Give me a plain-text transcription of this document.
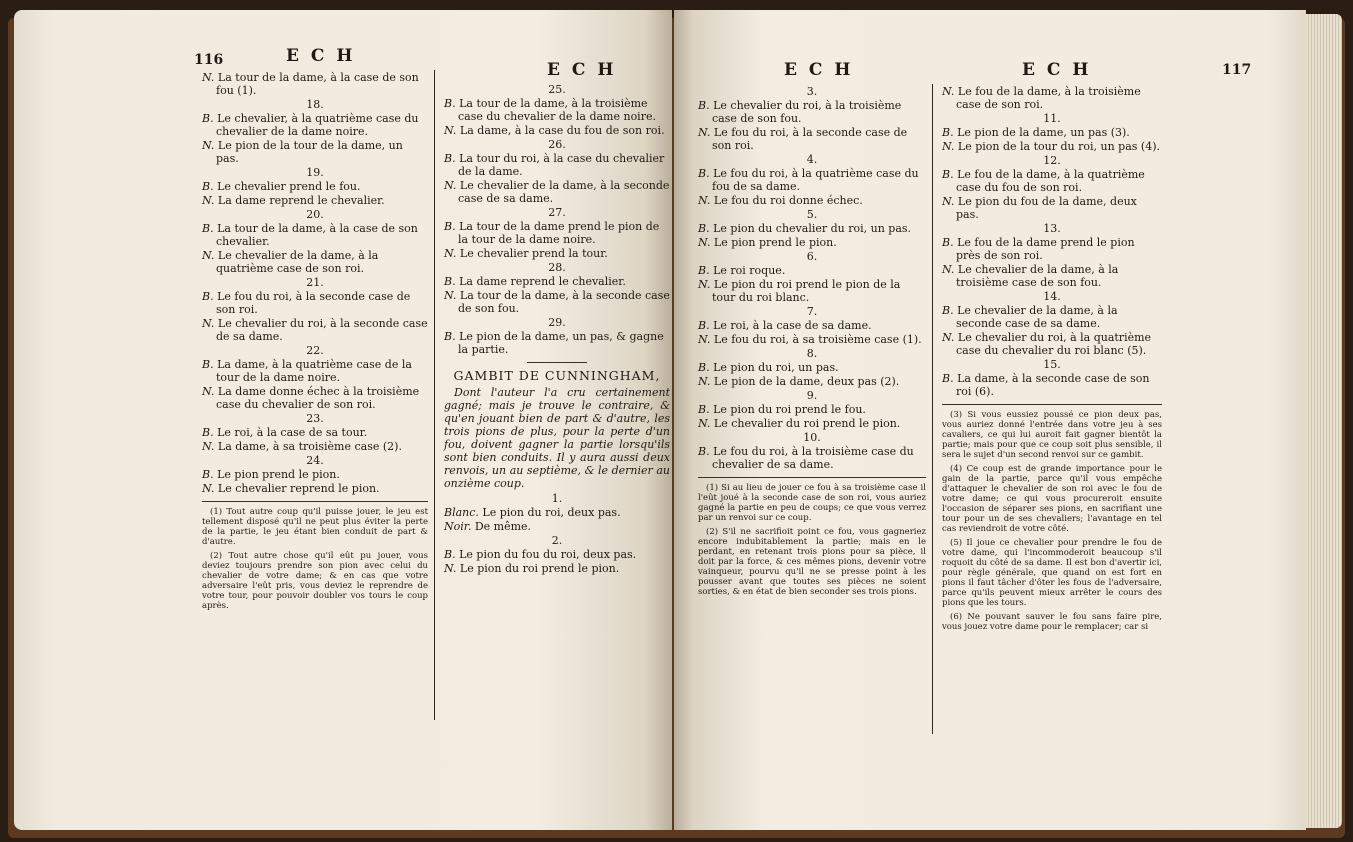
116	E C H
E C H
N. La tour de la dame, à la case de son fou (1).
18.
B. Le chevalier, à la quatrième case du chevalier de la dame noire.
N. Le pion de la tour de la dame, un pas.
19.
B. Le chevalier prend le fou.
N. La dame reprend le chevalier.
20.
B. La tour de la dame, à la case de son chevalier.
N. Le chevalier de la dame, à la quatrième case de son roi.
21.
B. Le fou du roi, à la seconde case de son roi.
N. Le chevalier du roi, à la seconde case de sa dame.
22.
B. La dame, à la quatrième case de la tour de la dame noire.
N. La dame donne échec à la troisième case du chevalier de son roi.
23.
B. Le roi, à la case de sa tour.
N. La dame, à sa troisième case (2).
24.
B. Le pion prend le pion.
N. Le chevalier reprend le pion.
(1) Tout autre coup qu'il puisse jouer, le jeu est tellement disposé qu'il ne peut plus éviter la perte de la partie, le jeu étant bien conduit de part & d'autre.
(2) Tout autre chose qu'il eût pu jouer, vous deviez toujours prendre son pion avec celui du chevalier de votre dame; & en cas que votre adversaire l'eût pris, vous deviez le reprendre de votre tour, pour pouvoir doubler vos tours le coup après.
25.
B. La tour de la dame, à la troisième case du chevalier de la dame noire.
N. La dame, à la case du fou de son roi.
26.
B. La tour du roi, à la case du chevalier de la dame.
N. Le chevalier de la dame, à la seconde case de sa dame.
27.
B. La tour de la dame prend le pion de la tour de la dame noire.
N. Le chevalier prend la tour.
28.
B. La dame reprend le chevalier.
N. La tour de la dame, à la seconde case de son fou.
29.
B. Le pion de la dame, un pas, & gagne la partie.
GAMBIT DE CUNNINGHAM,
Dont l'auteur l'a cru certainement gagné; mais je trouve le contraire, & qu'en jouant bien de part & d'autre, les trois pions de plus, pour la perte d'un fou, doivent gagner la partie lorsqu'ils sont bien conduits. Il y aura aussi deux renvois, un au septième, & le dernier au onzième coup.
1.
Blanc. Le pion du roi, deux pas.
Noir. De même.
2.
B. Le pion du fou du roi, deux pas.
N. Le pion du roi prend le pion.
E C H	E C H	117
3.
B. Le chevalier du roi, à la troisième case de son fou.
N. Le fou du roi, à la seconde case de son roi.
4.
B. Le fou du roi, à la quatrième case du fou de sa dame.
N. Le fou du roi donne échec.
5.
B. Le pion du chevalier du roi, un pas.
N. Le pion prend le pion.
6.
B. Le roi roque.
N. Le pion du roi prend le pion de la tour du roi blanc.
7.
B. Le roi, à la case de sa dame.
N. Le fou du roi, à sa troisième case (1).
8.
B. Le pion du roi, un pas.
N. Le pion de la dame, deux pas (2).
9.
B. Le pion du roi prend le fou.
N. Le chevalier du roi prend le pion.
10.
B. Le fou du roi, à la troisième case du chevalier de sa dame.
(1) Si au lieu de jouer ce fou à sa troisième case il l'eût joué à la seconde case de son roi, vous auriez gagné la partie en peu de coups; ce que vous verrez par un renvoi sur ce coup.
(2) S'il ne sacrifioit point ce fou, vous gagneriez encore indubitablement la partie; mais en le perdant, en retenant trois pions pour sa pièce, il doit par la force, & ces mêmes pions, devenir votre vainqueur, pourvu qu'il ne se presse point à les pousser avant que toutes ses pièces ne soient sorties, & en état de bien seconder ses trois pions.
N. Le fou de la dame, à la troisième case de son roi.
11.
B. Le pion de la dame, un pas (3).
N. Le pion de la tour du roi, un pas (4).
12.
B. Le fou de la dame, à la quatrième case du fou de son roi.
N. Le pion du fou de la dame, deux pas.
13.
B. Le fou de la dame prend le pion près de son roi.
N. Le chevalier de la dame, à la troisième case de son fou.
14.
B. Le chevalier de la dame, à la seconde case de sa dame.
N. Le chevalier du roi, à la quatrième case du chevalier du roi blanc (5).
15.
B. La dame, à la seconde case de son roi (6).
(3) Si vous eussiez poussé ce pion deux pas, vous auriez donné l'entrée dans votre jeu à ses cavaliers, ce qui lui auroit fait gagner bientôt la partie; mais pour que ce coup soit plus sensible, il sera le sujet d'un second renvoi sur ce gambit.
(4) Ce coup est de grande importance pour le gain de la partie, parce qu'il vous empêche d'attaquer le chevalier de son roi avec le fou de votre dame; ce qui vous procureroit ensuite l'occasion de séparer ses pions, en sacrifiant une tour pour un de ses chevaliers; l'avantage en tel cas reviendroit de votre côté.
(5) Il joue ce chevalier pour prendre le fou de votre dame, qui l'incommoderoit beaucoup s'il roquoit du côté de sa dame. Il est bon d'avertir ici, pour règle générale, que quand on est fort en pions il faut tâcher d'ôter les fous de l'adversaire, parce qu'ils peuvent mieux arrêter le cours des pions que les tours.
(6) Ne pouvant sauver le fou sans faire pire, vous jouez votre dame pour le remplacer; car si
